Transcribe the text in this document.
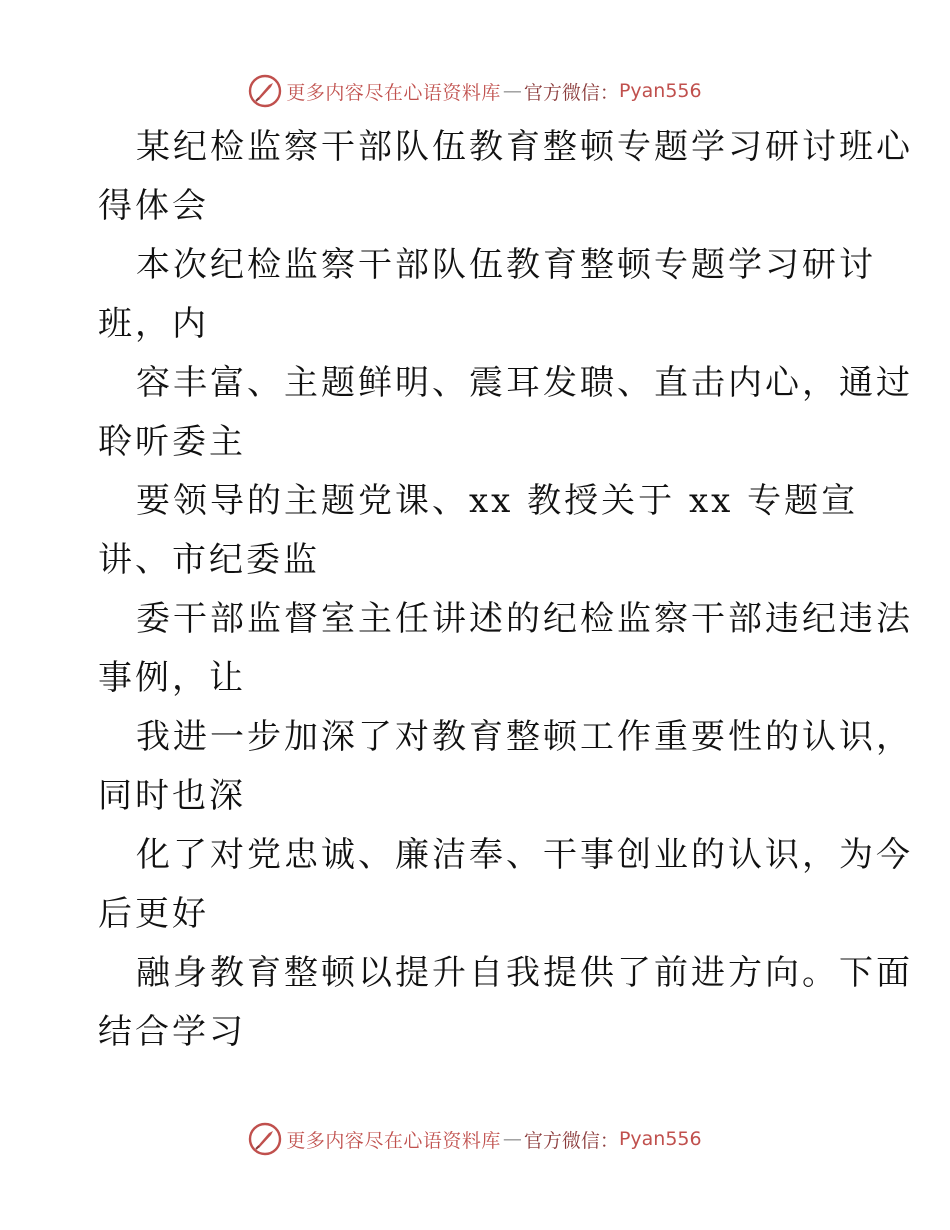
更多内容尽在心语资料库 — 官方微信： Pyan556
某纪检监察干部队伍教育整顿专题学习研讨班心
得体会
本次纪检监察干部队伍教育整顿专题学习研讨
班，内
容丰富、主题鲜明、震耳发聩、直击内心，通过
聆听委主
要领导的主题党课、xx 教授关于 xx 专题宣
讲、市纪委监
委干部监督室主任讲述的纪检监察干部违纪违法
事例，让
我进一步加深了对教育整顿工作重要性的认识，
同时也深
化了对党忠诚、廉洁奉、干事创业的认识，为今
后更好
融身教育整顿以提升自我提供了前进方向。下面
结合学习
更多内容尽在心语资料库 — 官方微信： Pyan556
